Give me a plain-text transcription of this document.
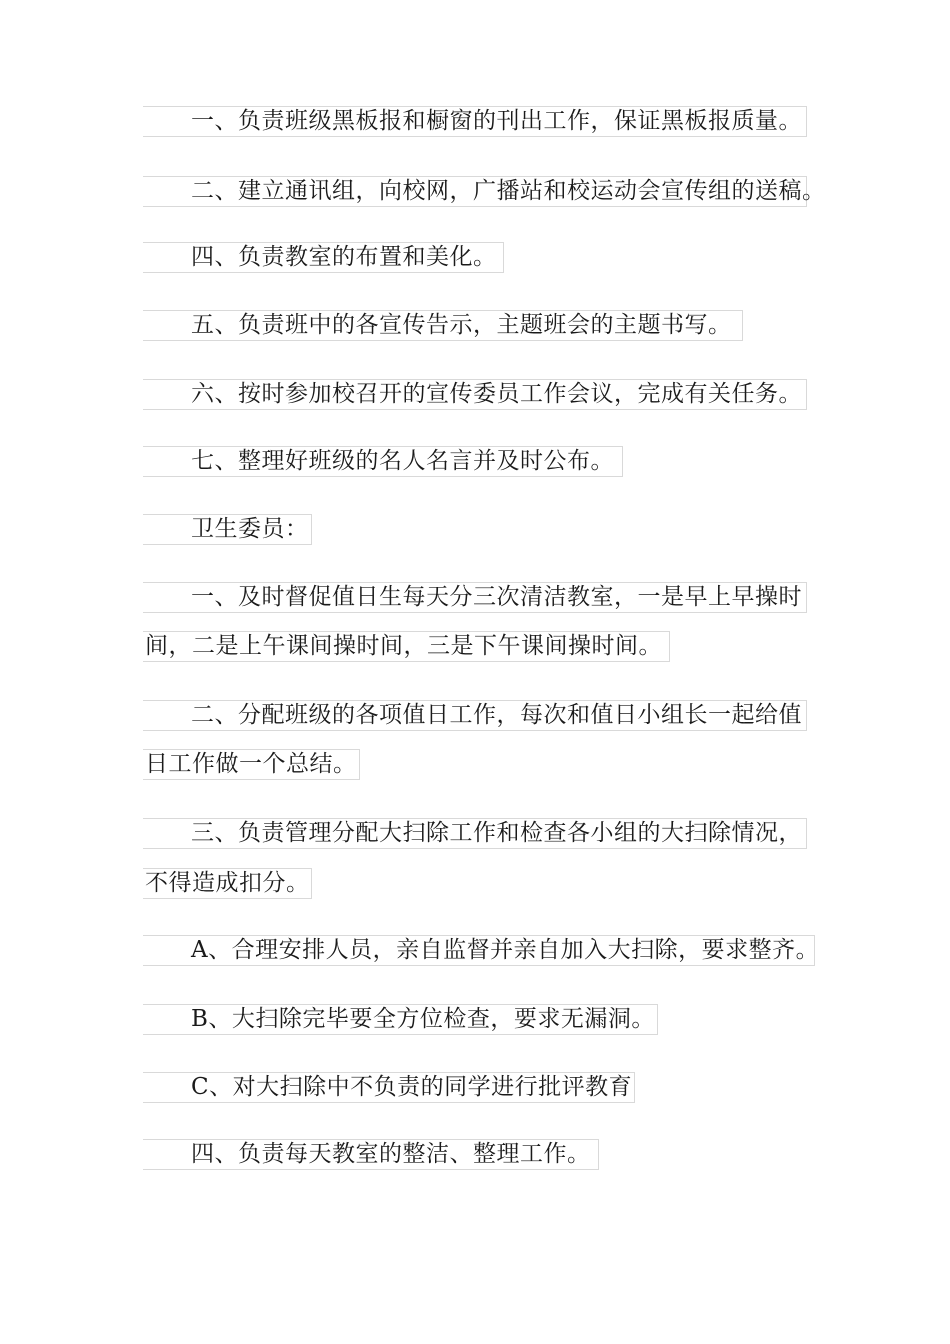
一、负责班级黑板报和橱窗的刊出工作，保证黑板报质量。
二、建立通讯组，向校网，广播站和校运动会宣传组的送稿。
四、负责教室的布置和美化。
五、负责班中的各宣传告示，主题班会的主题书写。
六、按时参加校召开的宣传委员工作会议，完成有关任务。
七、整理好班级的名人名言并及时公布。
卫生委员：
一、及时督促值日生每天分三次清洁教室，一是早上早操时
间，二是上午课间操时间，三是下午课间操时间。
二、分配班级的各项值日工作，每次和值日小组长一起给值
日工作做一个总结。
三、负责管理分配大扫除工作和检查各小组的大扫除情况，
不得造成扣分。
A、合理安排人员，亲自监督并亲自加入大扫除，要求整齐。
B、大扫除完毕要全方位检查，要求无漏洞。
C、对大扫除中不负责的同学进行批评教育
四、负责每天教室的整洁、整理工作。
